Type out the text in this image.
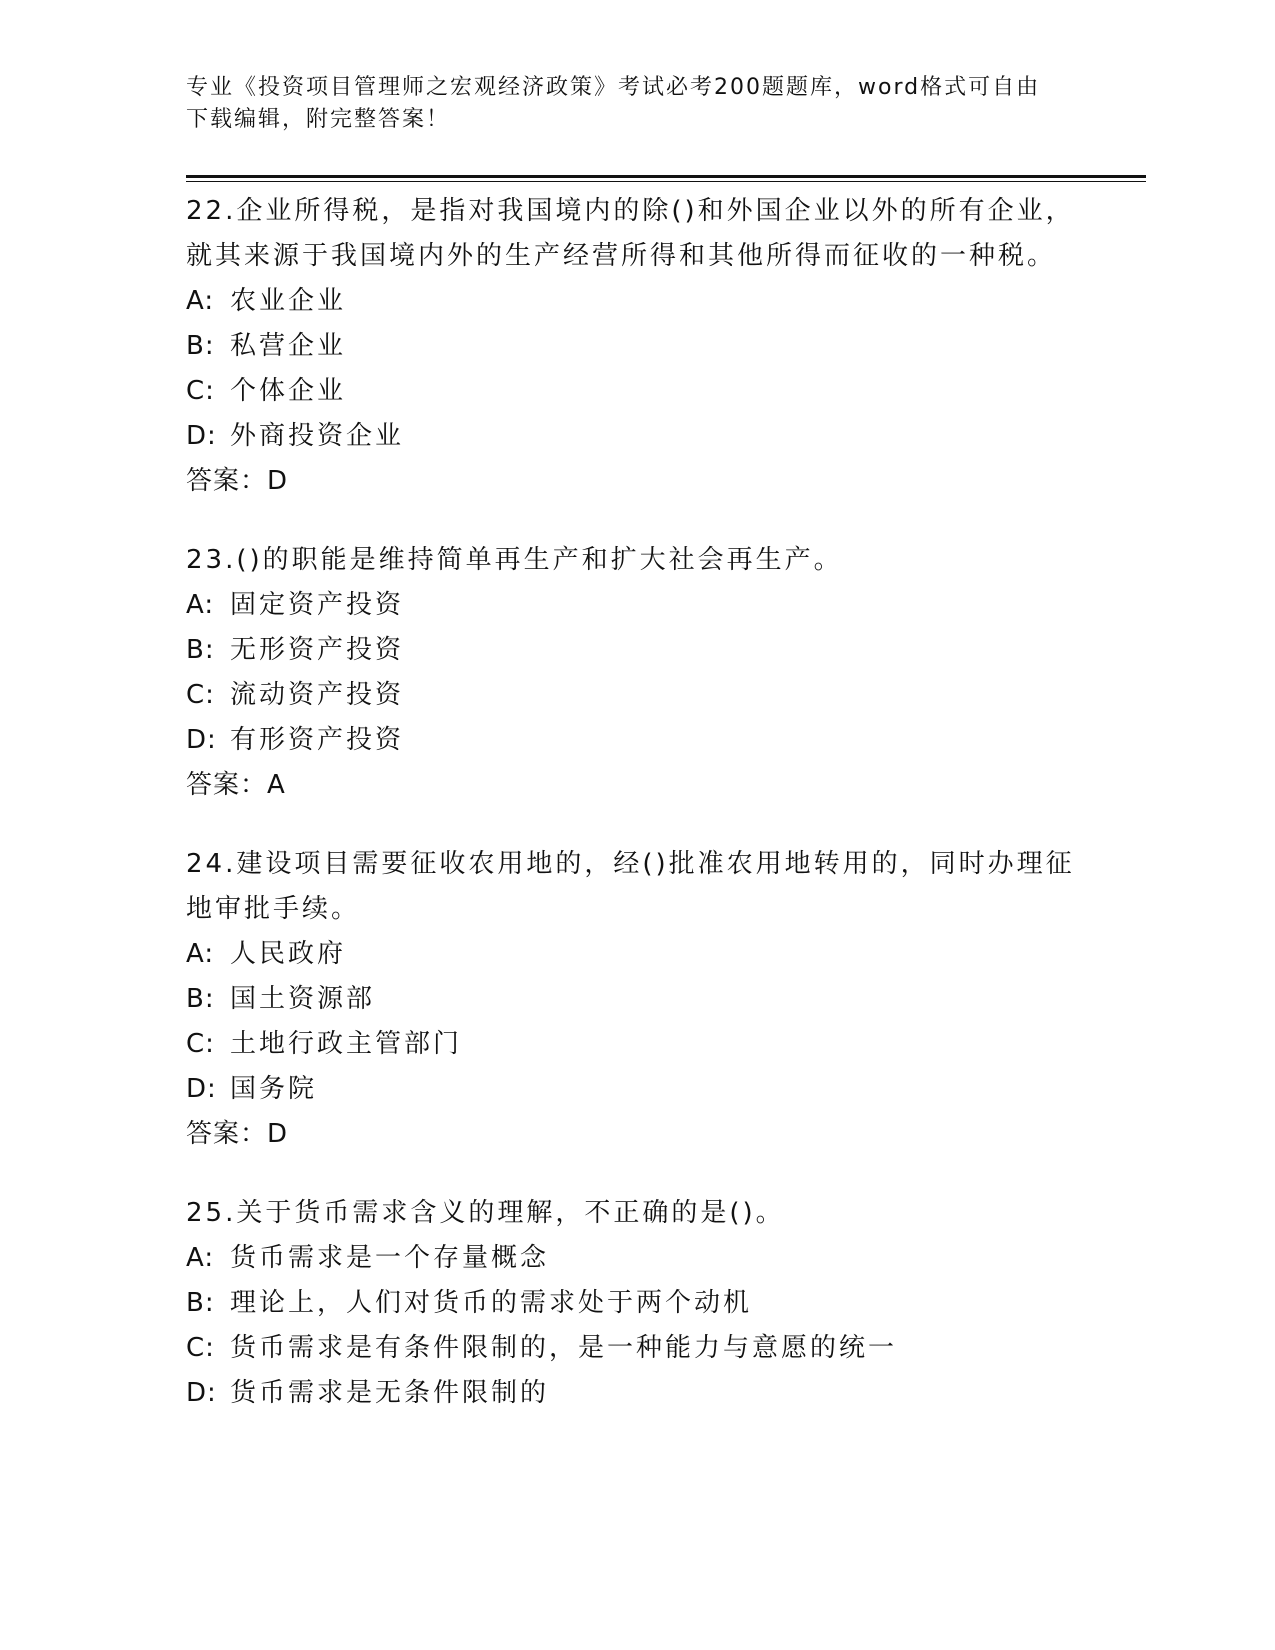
专业《投资项目管理师之宏观经济政策》考试必考200题题库，word格式可自由
下载编辑，附完整答案！
22.企业所得税，是指对我国境内的除()和外国企业以外的所有企业，就其来源于我国境内外的生产经营所得和其他所得而征收的一种税。
A: 农业企业
B: 私营企业
C: 个体企业
D: 外商投资企业
答案：D
23.()的职能是维持简单再生产和扩大社会再生产。
A: 固定资产投资
B: 无形资产投资
C: 流动资产投资
D: 有形资产投资
答案：A
24.建设项目需要征收农用地的，经()批准农用地转用的，同时办理征地审批手续。
A: 人民政府
B: 国土资源部
C: 土地行政主管部门
D: 国务院
答案：D
25.关于货币需求含义的理解，不正确的是()。
A: 货币需求是一个存量概念
B: 理论上，人们对货币的需求处于两个动机
C: 货币需求是有条件限制的，是一种能力与意愿的统一
D: 货币需求是无条件限制的
